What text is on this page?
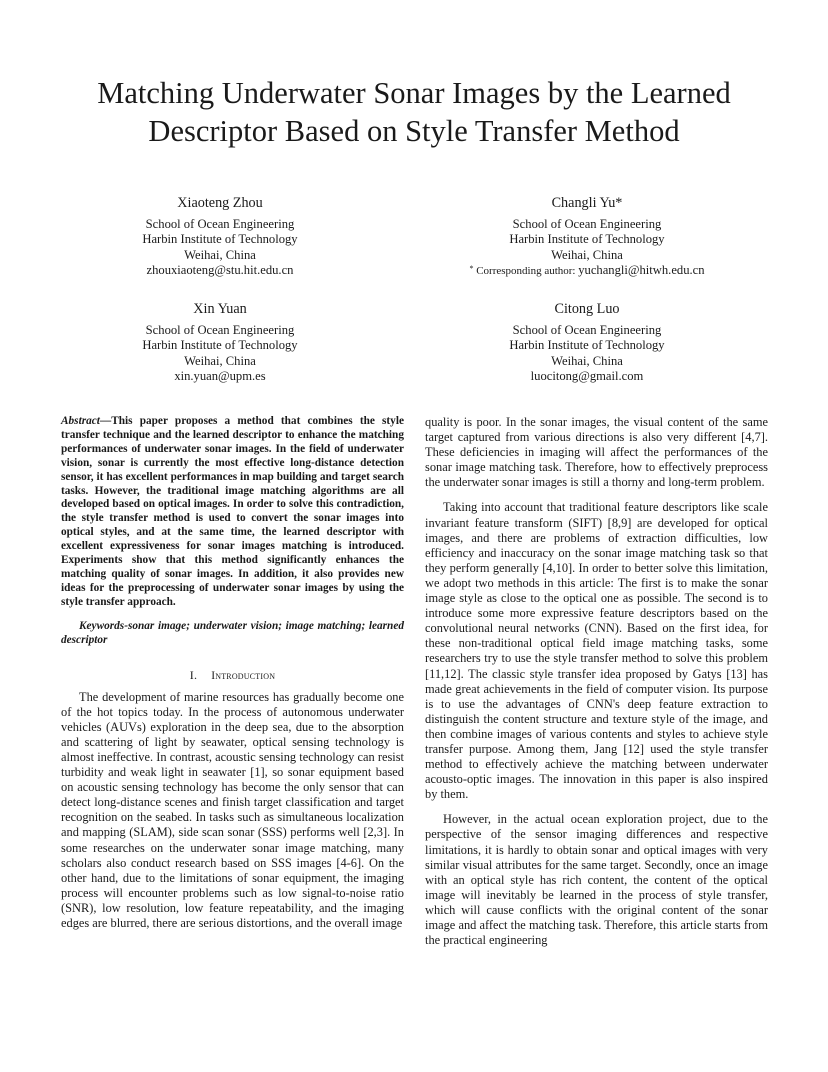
Matching Underwater Sonar Images by the Learned
Descriptor Based on Style Transfer Method
Xiaoteng Zhou
School of Ocean Engineering
Harbin Institute of Technology
Weihai, China
zhouxiaoteng@stu.hit.edu.cn
Changli Yu*
School of Ocean Engineering
Harbin Institute of Technology
Weihai, China
* Corresponding author: yuchangli@hitwh.edu.cn
Xin Yuan
School of Ocean Engineering
Harbin Institute of Technology
Weihai, China
xin.yuan@upm.es
Citong Luo
School of Ocean Engineering
Harbin Institute of Technology
Weihai, China
luocitong@gmail.com

Abstract—This paper proposes a method that combines the style transfer technique and the learned descriptor to enhance the matching performances of underwater sonar images. In the field of underwater vision, sonar is currently the most effective long-distance detection sensor, it has excellent performances in map building and target search tasks. However, the traditional image matching algorithms are all developed based on optical images. In order to solve this contradiction, the style transfer method is used to convert the sonar images into optical styles, and at the same time, the learned descriptor with excellent expressiveness for sonar images matching is introduced. Experiments show that this method significantly enhances the matching quality of sonar images. In addition, it also provides new ideas for the preprocessing of underwater sonar images by using the style transfer approach.

Keywords-sonar image; underwater vision; image matching; learned descriptor

I. Introduction

The development of marine resources has gradually become one of the hot topics today. In the process of autonomous underwater vehicles (AUVs) exploration in the deep sea, due to the absorption and scattering of light by seawater, optical sensing technology is almost ineffective. In contrast, acoustic sensing technology can resist turbidity and weak light in seawater [1], so sonar equipment based on acoustic sensing technology has become the only sensor that can detect long-distance scenes and finish target classification and target recognition on the seabed. In tasks such as simultaneous localization and mapping (SLAM), side scan sonar (SSS) performs well [2,3]. In some researches on the underwater sonar image matching, many scholars also conduct research based on SSS images [4-6]. On the other hand, due to the limitations of sonar equipment, the imaging process will encounter problems such as low signal-to-noise ratio (SNR), low resolution, low feature repeatability, and the imaging edges are blurred, there are serious distortions, and the overall image

quality is poor. In the sonar images, the visual content of the same target captured from various directions is also very different [4,7]. These deficiencies in imaging will affect the performances of the sonar image matching task. Therefore, how to effectively preprocess the underwater sonar images is still a thorny and long-term problem.

Taking into account that traditional feature descriptors like scale invariant feature transform (SIFT) [8,9] are developed for optical images, and there are problems of extraction difficulties, low efficiency and inaccuracy on the sonar image matching task so that they perform generally [4,10]. In order to better solve this limitation, we adopt two methods in this article: The first is to make the sonar image style as close to the optical one as possible. The second is to introduce some more expressive feature descriptors based on the convolutional neural networks (CNN). Based on the first idea, for these non-traditional optical field image matching tasks, some researchers try to use the style transfer method to solve this problem [11,12]. The classic style transfer idea proposed by Gatys [13] has made great achievements in the field of computer vision. Its purpose is to use the advantages of CNN's deep feature extraction to distinguish the content structure and texture style of the image, and then combine images of various contents and styles to achieve style transfer purpose. Among them, Jang [12] used the style transfer method to effectively achieve the matching between underwater acousto-optic images. The innovation in this paper is also inspired by them.

However, in the actual ocean exploration project, due to the perspective of the sensor imaging differences and respective limitations, it is hardly to obtain sonar and optical images with very similar visual attributes for the same target. Secondly, once an image with an optical style has rich content, the content of the optical image will inevitably be learned in the process of style transfer, which will cause conflicts with the original content of the sonar image and affect the matching task. Therefore, this article starts from the practical engineering
